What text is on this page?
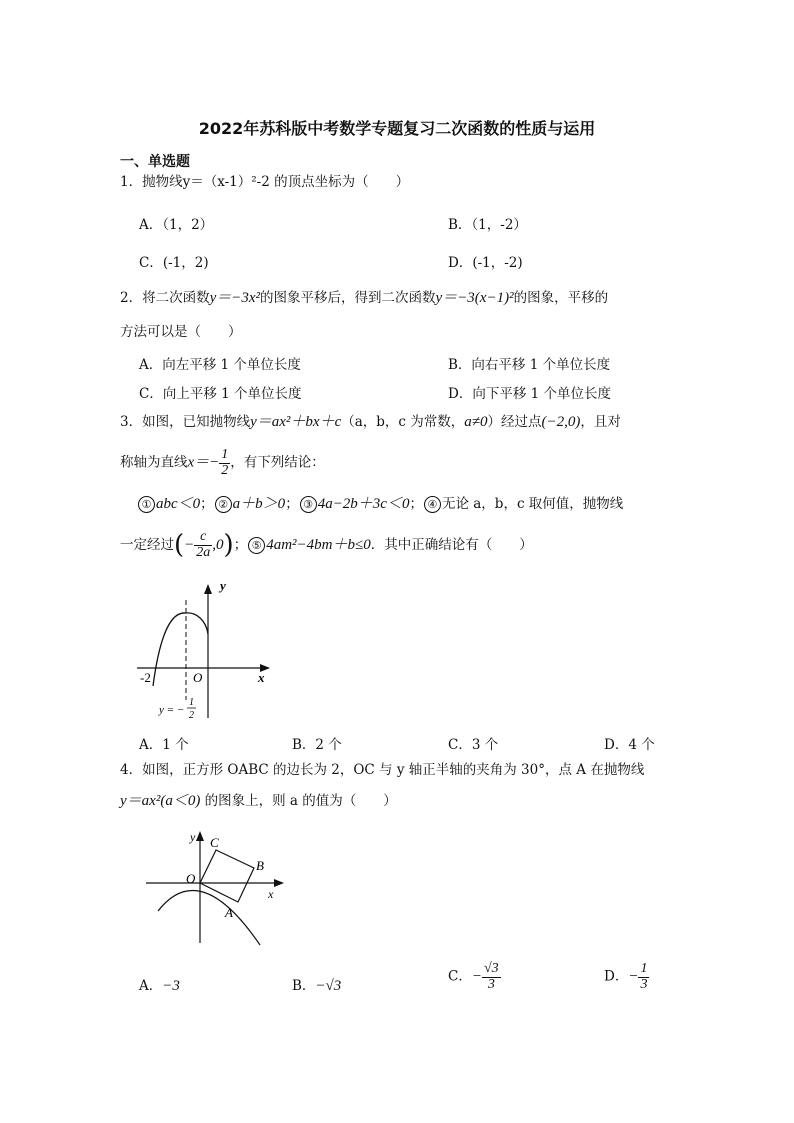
2022年苏科版中考数学专题复习二次函数的性质与运用
一、单选题
1．抛物线y＝（x-1）²-2 的顶点坐标为（　　）
A．（1，2）	B．（1，-2）
C．(-1，2)	D．(-1，-2)
2．将二次函数y＝−3x²的图象平移后，得到二次函数y＝−3(x−1)²的图象，平移的
方法可以是（　　）
A．向左平移 1 个单位长度	B．向右平移 1 个单位长度
C．向上平移 1 个单位长度	D．向下平移 1 个单位长度
3．如图，已知抛物线y＝ax²＋bx＋c（a，b，c 为常数，a≠0）经过点(−2,0)，且对
称轴为直线$x=- \frac{1}{2}$ ，有下列结论：
① abc＜0； ② a＋b＞0； ③ 4a−2b＋3c＜0； ④ 无论 a，b，c 取何值，抛物线
一定经过(− $\frac{c}{2a} ,0$)； ⑤ 4am²−4bm＋b≤0．其中正确结论有（　　）
y
x
O
-2
y = −
1
2
A．1 个	B．2 个	C．3 个	D．4 个
4．如图，正方形 OABC 的边长为 2，OC 与 y 轴正半轴的夹角为 30°，点 A 在抛物线
y＝ax²(a＜0) 的图象上，则 a 的值为（　　）
y
x
O
C
B
A
A．−3	B．−√3
C．− $\frac{√3}{3}$	D．− $\frac{1}{3}$
